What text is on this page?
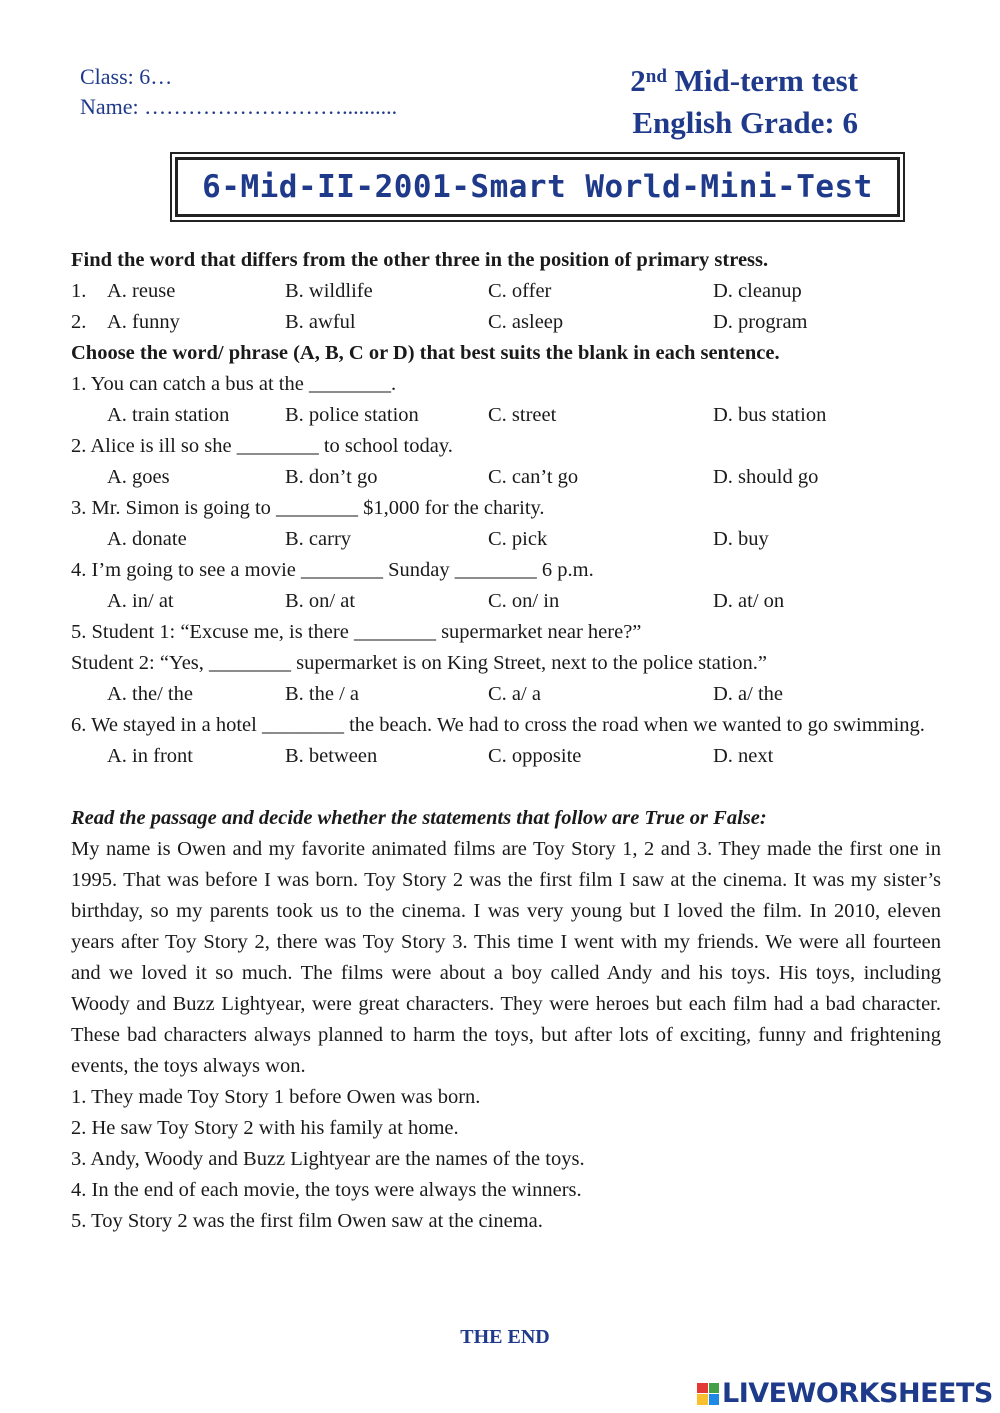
Class: 6…
Name: ………………………..........
2nd Mid-term test
English Grade: 6
6-Mid-II-2001-Smart World-Mini-Test
Find the word that differs from the other three in the position of primary stress.
1. A. reuse	B. wildlife	C. offer	D. cleanup
2. A. funny	B. awful	C. asleep	D. program
Choose the word/ phrase (A, B, C or D) that best suits the blank in each sentence.
1. You can catch a bus at the ________.
A. train station	B. police station	C. street	D. bus station
2. Alice is ill so she ________ to school today.
A. goes	B. don’t go	C. can’t go	D. should go
3. Mr. Simon is going to ________ $1,000 for the charity.
A. donate	B. carry	C. pick	D. buy
4. I’m going to see a movie ________ Sunday ________ 6 p.m.
A. in/ at	B. on/ at	C. on/ in	D. at/ on
5. Student 1: “Excuse me, is there ________ supermarket near here?”
Student 2: “Yes, ________ supermarket is on King Street, next to the police station.”
A. the/ the	B. the / a	C. a/ a	D. a/ the

6. We stayed in a hotel ________ the beach. We had to cross the road when we wanted to go swimming.

A. in front	B. between	C. opposite	D. next
Read the passage and decide whether the statements that follow are True or False:

My name is Owen and my favorite animated films are Toy Story 1, 2 and 3. They made the first one in 1995. That was before I was born. Toy Story 2 was the first film I saw at the cinema. It was my sister’s birthday, so my parents took us to the cinema. I was very young but I loved the film. In 2010, eleven years after Toy Story 2, there was Toy Story 3. This time I went with my friends. We were all fourteen and we loved it so much. The films were about a boy called Andy and his toys. His toys, including Woody and Buzz Lightyear, were great characters. They were heroes but each film had a bad character. These bad characters always planned to harm the toys, but after lots of exciting, funny and frightening events, the toys always won.

1. They made Toy Story 1 before Owen was born.
2. He saw Toy Story 2 with his family at home.
3. Andy, Woody and Buzz Lightyear are the names of the toys.
4. In the end of each movie, the toys were always the winners.
5. Toy Story 2 was the first film Owen saw at the cinema.
THE END
LIVEWORKSHEETS
